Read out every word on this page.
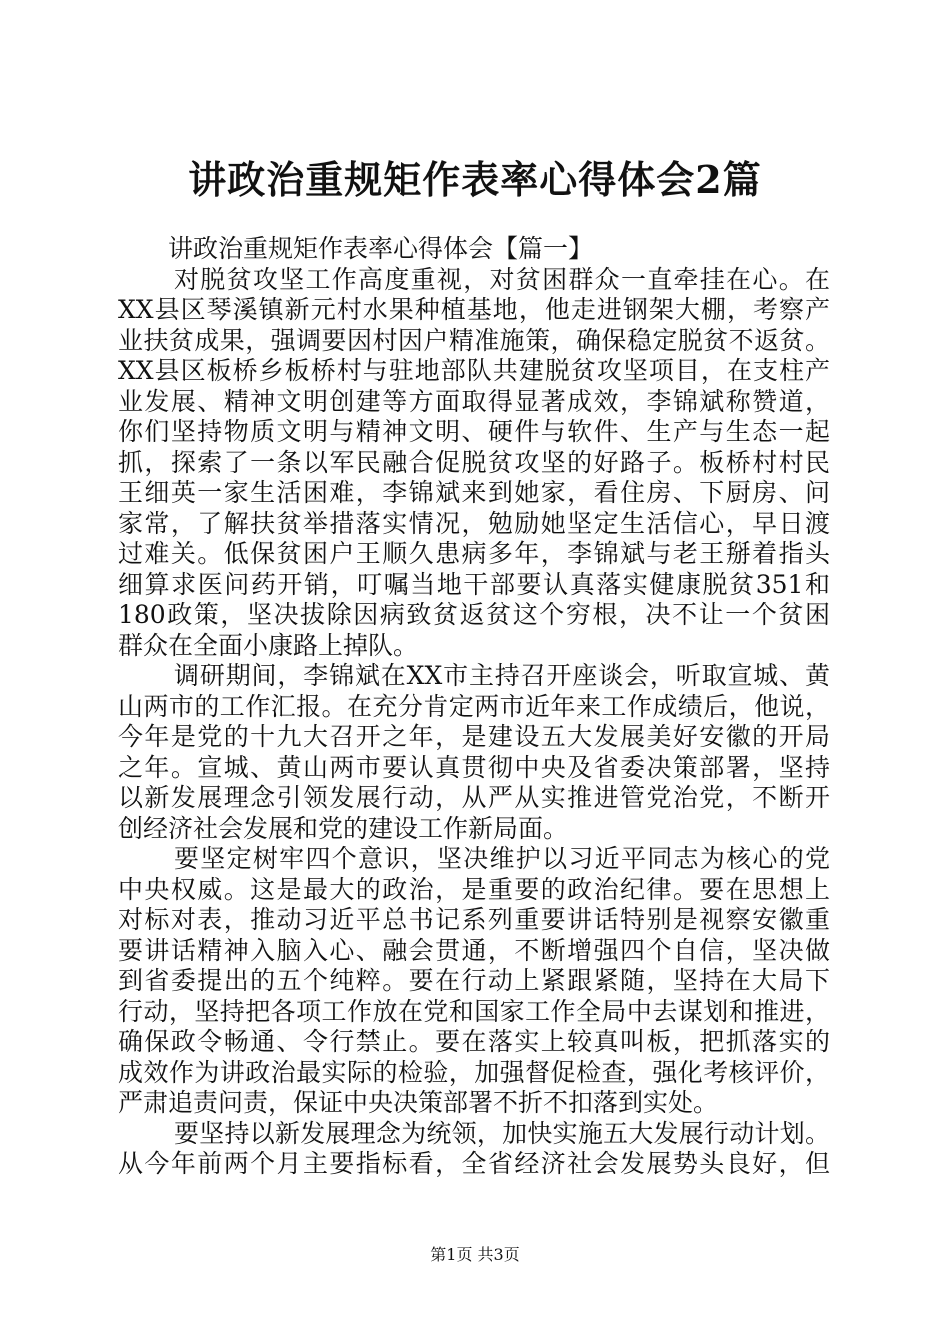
讲政治重规矩作表率心得体会2篇
讲政治重规矩作表率心得体会【篇一】
对脱贫攻坚工作高度重视，对贫困群众一直牵挂在心。在
XX县区琴溪镇新元村水果种植基地，他走进钢架大棚，考察产
业扶贫成果，强调要因村因户精准施策，确保稳定脱贫不返贫。
XX县区板桥乡板桥村与驻地部队共建脱贫攻坚项目，在支柱产
业发展、精神文明创建等方面取得显著成效，李锦斌称赞道，
你们坚持物质文明与精神文明、硬件与软件、生产与生态一起
抓，探索了一条以军民融合促脱贫攻坚的好路子。板桥村村民
王细英一家生活困难，李锦斌来到她家，看住房、下厨房、问
家常，了解扶贫举措落实情况，勉励她坚定生活信心，早日渡
过难关。低保贫困户王顺久患病多年，李锦斌与老王掰着指头
细算求医问药开销，叮嘱当地干部要认真落实健康脱贫351和
180政策，坚决拔除因病致贫返贫这个穷根，决不让一个贫困
群众在全面小康路上掉队。
调研期间，李锦斌在XX市主持召开座谈会，听取宣城、黄
山两市的工作汇报。在充分肯定两市近年来工作成绩后，他说，
今年是党的十九大召开之年，是建设五大发展美好安徽的开局
之年。宣城、黄山两市要认真贯彻中央及省委决策部署，坚持
以新发展理念引领发展行动，从严从实推进管党治党，不断开
创经济社会发展和党的建设工作新局面。
要坚定树牢四个意识，坚决维护以习近平同志为核心的党
中央权威。这是最大的政治，是重要的政治纪律。要在思想上
对标对表，推动习近平总书记系列重要讲话特别是视察安徽重
要讲话精神入脑入心、融会贯通，不断增强四个自信，坚决做
到省委提出的五个纯粹。要在行动上紧跟紧随，坚持在大局下
行动，坚持把各项工作放在党和国家工作全局中去谋划和推进，
确保政令畅通、令行禁止。要在落实上较真叫板，把抓落实的
成效作为讲政治最实际的检验，加强督促检查，强化考核评价，
严肃追责问责，保证中央决策部署不折不扣落到实处。
要坚持以新发展理念为统领，加快实施五大发展行动计划。
从今年前两个月主要指标看，全省经济社会发展势头良好，但
第1页 共3页
